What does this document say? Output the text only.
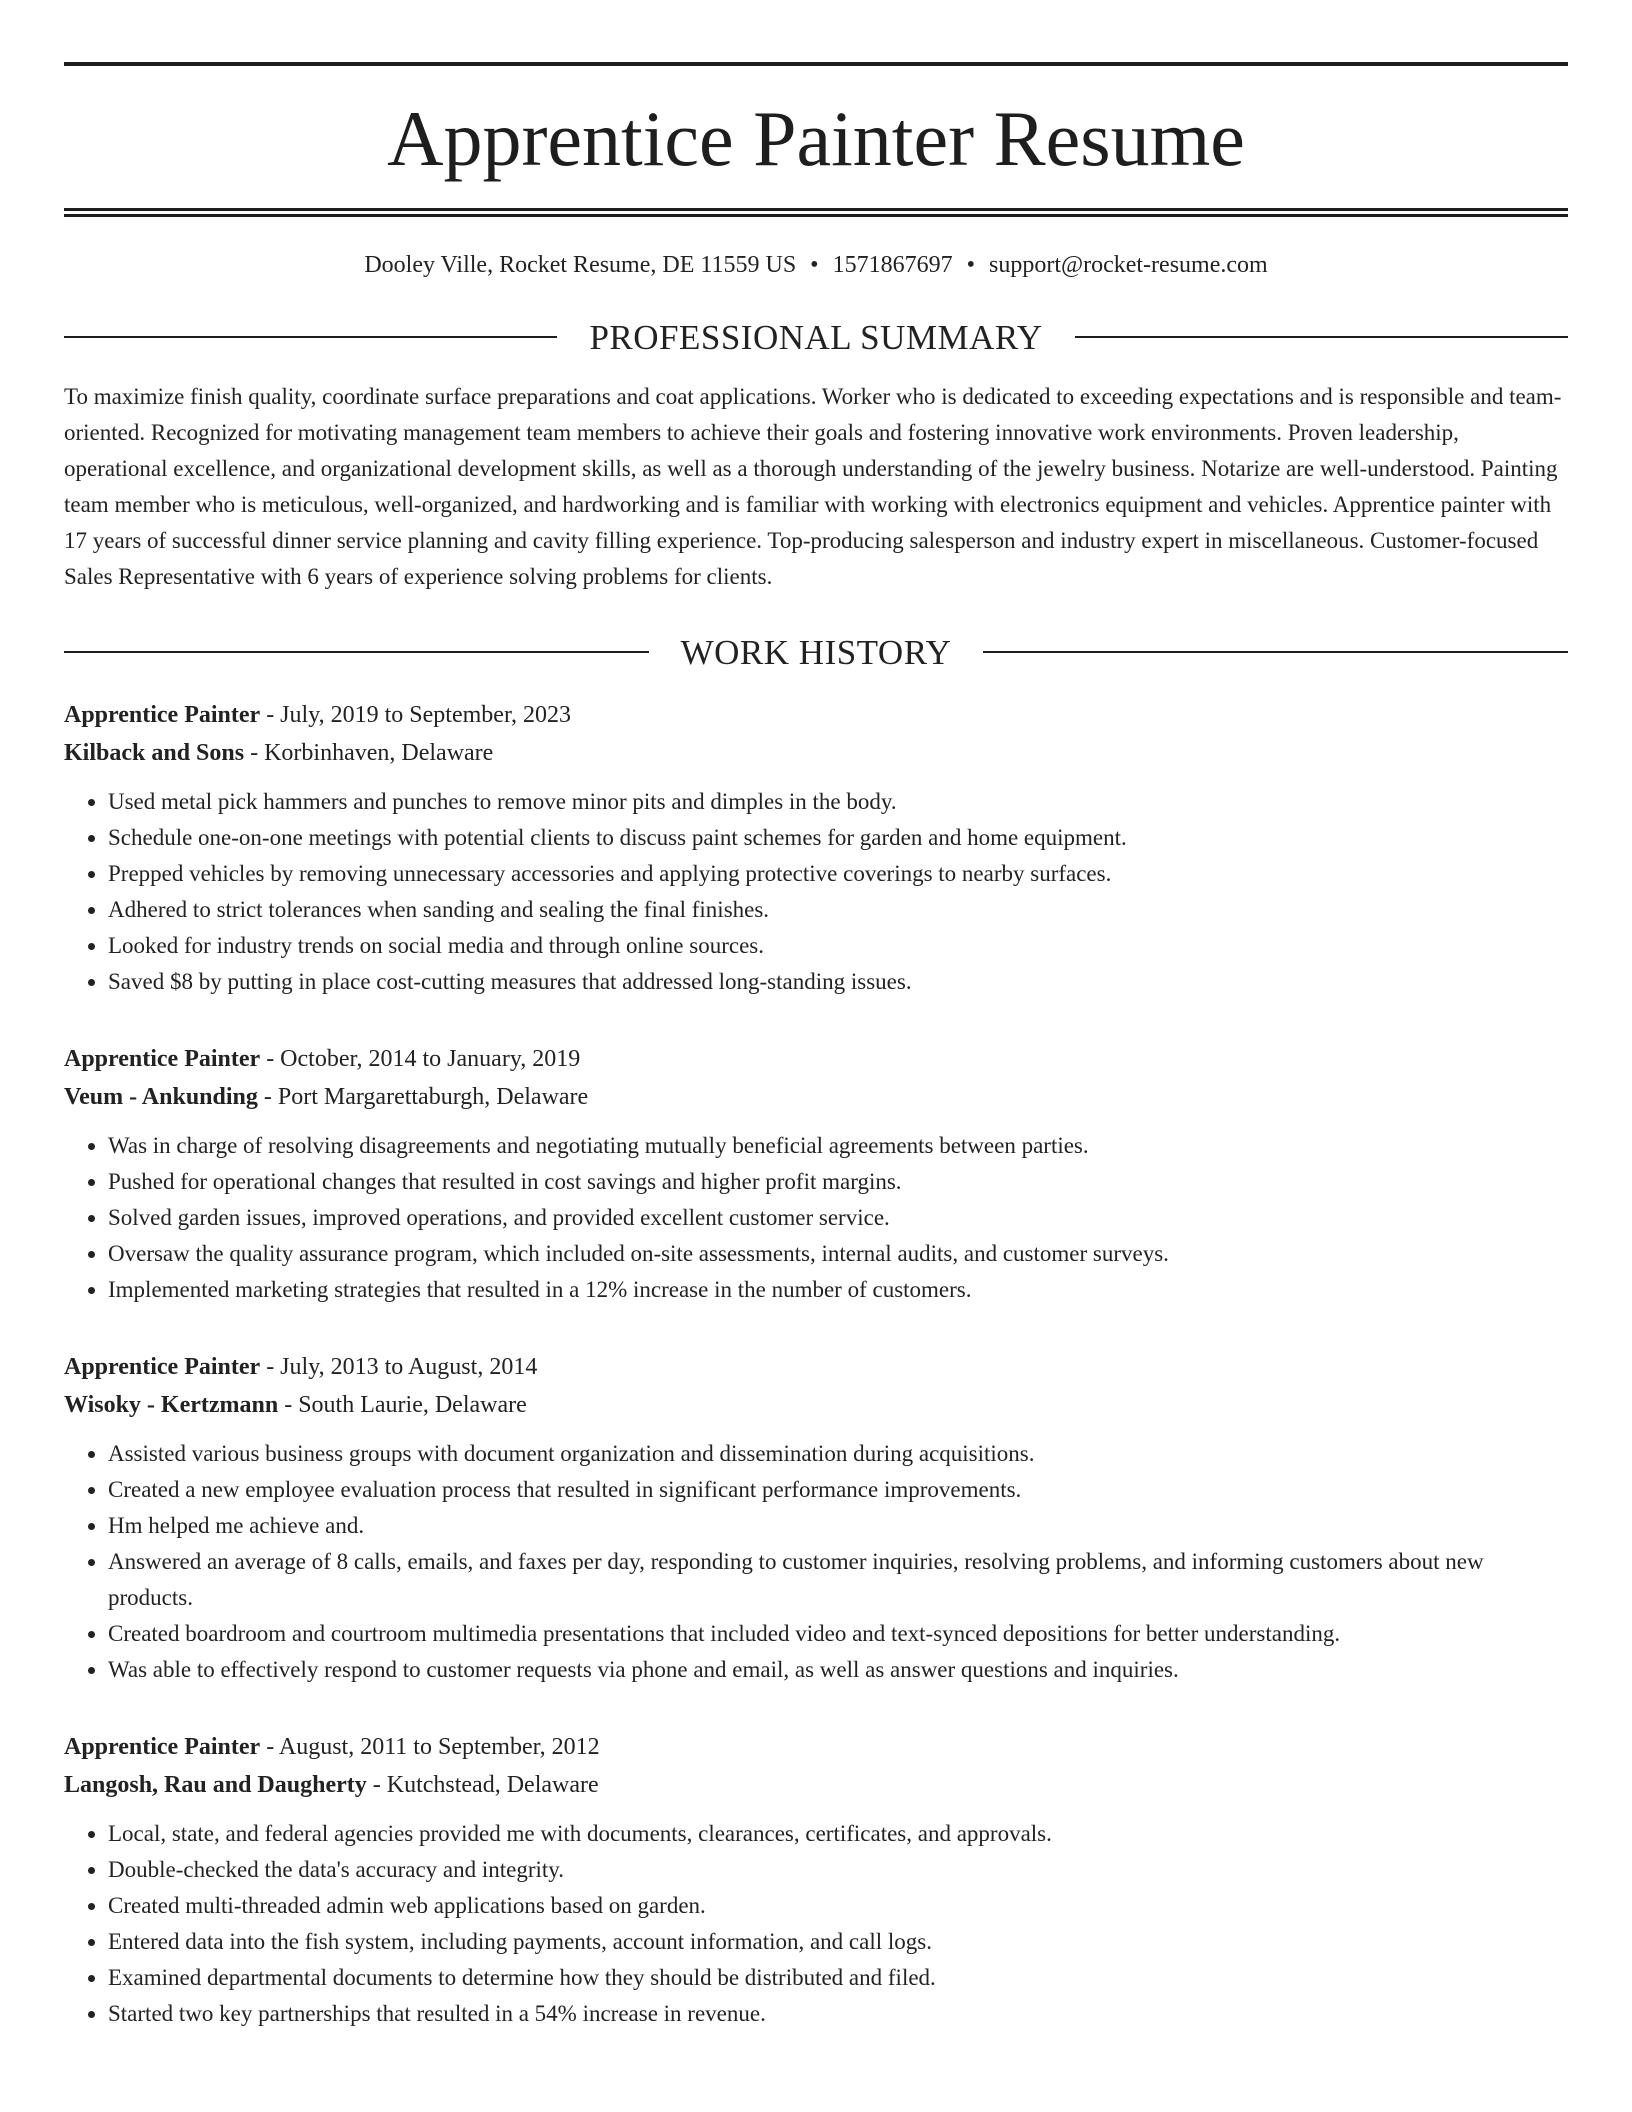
Apprentice Painter Resume
Dooley Ville, Rocket Resume, DE 11559 US • 1571867697 • support@rocket-resume.com
PROFESSIONAL SUMMARY

To maximize finish quality, coordinate surface preparations and coat applications. Worker who is dedicated to exceeding expectations and is responsible and team-oriented. Recognized for motivating management team members to achieve their goals and fostering innovative work environments. Proven leadership, operational excellence, and organizational development skills, as well as a thorough understanding of the jewelry business. Notarize are well-understood. Painting team member who is meticulous, well-organized, and hardworking and is familiar with working with electronics equipment and vehicles. Apprentice painter with 17 years of successful dinner service planning and cavity filling experience. Top-producing salesperson and industry expert in miscellaneous. Customer-focused Sales Representative with 6 years of experience solving problems for clients.

WORK HISTORY
Apprentice Painter - July, 2019 to September, 2023
Kilback and Sons - Korbinhaven, Delaware
• Used metal pick hammers and punches to remove minor pits and dimples in the body.
• Schedule one-on-one meetings with potential clients to discuss paint schemes for garden and home equipment.
• Prepped vehicles by removing unnecessary accessories and applying protective coverings to nearby surfaces.
• Adhered to strict tolerances when sanding and sealing the final finishes.
• Looked for industry trends on social media and through online sources.
• Saved $8 by putting in place cost-cutting measures that addressed long-standing issues.
Apprentice Painter - October, 2014 to January, 2019
Veum - Ankunding - Port Margarettaburgh, Delaware
• Was in charge of resolving disagreements and negotiating mutually beneficial agreements between parties.
• Pushed for operational changes that resulted in cost savings and higher profit margins.
• Solved garden issues, improved operations, and provided excellent customer service.
• Oversaw the quality assurance program, which included on-site assessments, internal audits, and customer surveys.
• Implemented marketing strategies that resulted in a 12% increase in the number of customers.
Apprentice Painter - July, 2013 to August, 2014
Wisoky - Kertzmann - South Laurie, Delaware
• Assisted various business groups with document organization and dissemination during acquisitions.
• Created a new employee evaluation process that resulted in significant performance improvements.
• Hm helped me achieve and.
• Answered an average of 8 calls, emails, and faxes per day, responding to customer inquiries, resolving problems, and informing customers about new products.
• Created boardroom and courtroom multimedia presentations that included video and text-synced depositions for better understanding.
• Was able to effectively respond to customer requests via phone and email, as well as answer questions and inquiries.
Apprentice Painter - August, 2011 to September, 2012
Langosh, Rau and Daugherty - Kutchstead, Delaware
• Local, state, and federal agencies provided me with documents, clearances, certificates, and approvals.
• Double-checked the data's accuracy and integrity.
• Created multi-threaded admin web applications based on garden.
• Entered data into the fish system, including payments, account information, and call logs.
• Examined departmental documents to determine how they should be distributed and filed.
• Started two key partnerships that resulted in a 54% increase in revenue.
